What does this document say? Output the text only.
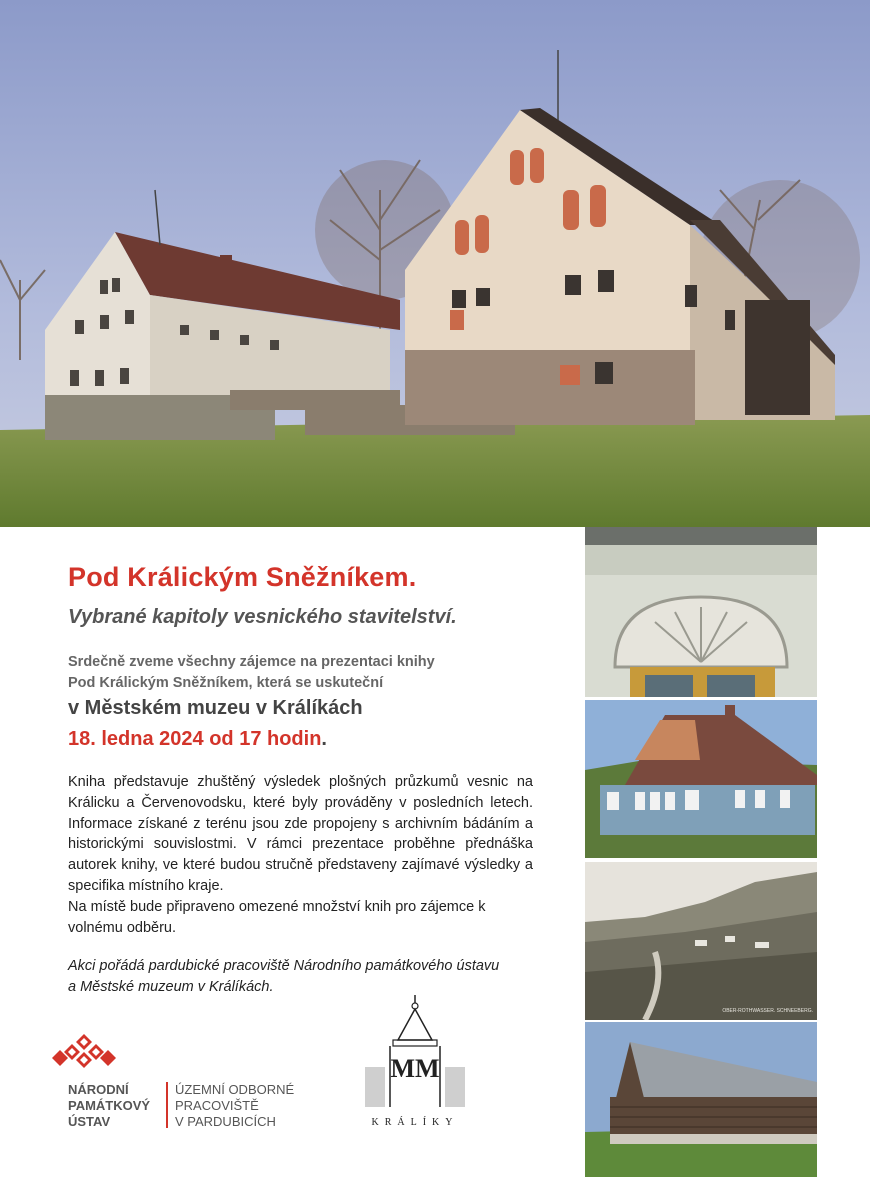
Pod Králickým Sněžníkem.
Vybrané kapitoly vesnického stavitelství.
Srdečně zveme všechny zájemce na prezentaci knihy
Pod Králickým Sněžníkem, která se uskuteční
v Městském muzeu v Králíkách
18. ledna 2024 od 17 hodin.

Kniha představuje zhuštěný výsledek plošných průzkumů vesnic na Králicku a Červenovodsku, které byly prováděny v posledních letech. Informace získané z terénu jsou zde propojeny s archivním bádáním a historickými souvislostmi. V rámci prezentace proběhne přednáška autorek knihy, ve které budou stručně představeny zajímavé výsledky a specifika místního kraje.

Na místě bude připraveno omezené množství knih pro zájemce k volnému odběru.

Akci pořádá pardubické pracoviště Národního památkového ústavu
a Městské muzeum v Králíkách.
NÁRODNÍ
PAMÁTKOVÝ
ÚSTAV
ÚZEMNÍ ODBORNÉ
PRACOVIŠTĚ
V PARDUBICÍCH
MM
KRÁLÍKY
OBER-ROTHWASSER. SCHNEEBERG.
